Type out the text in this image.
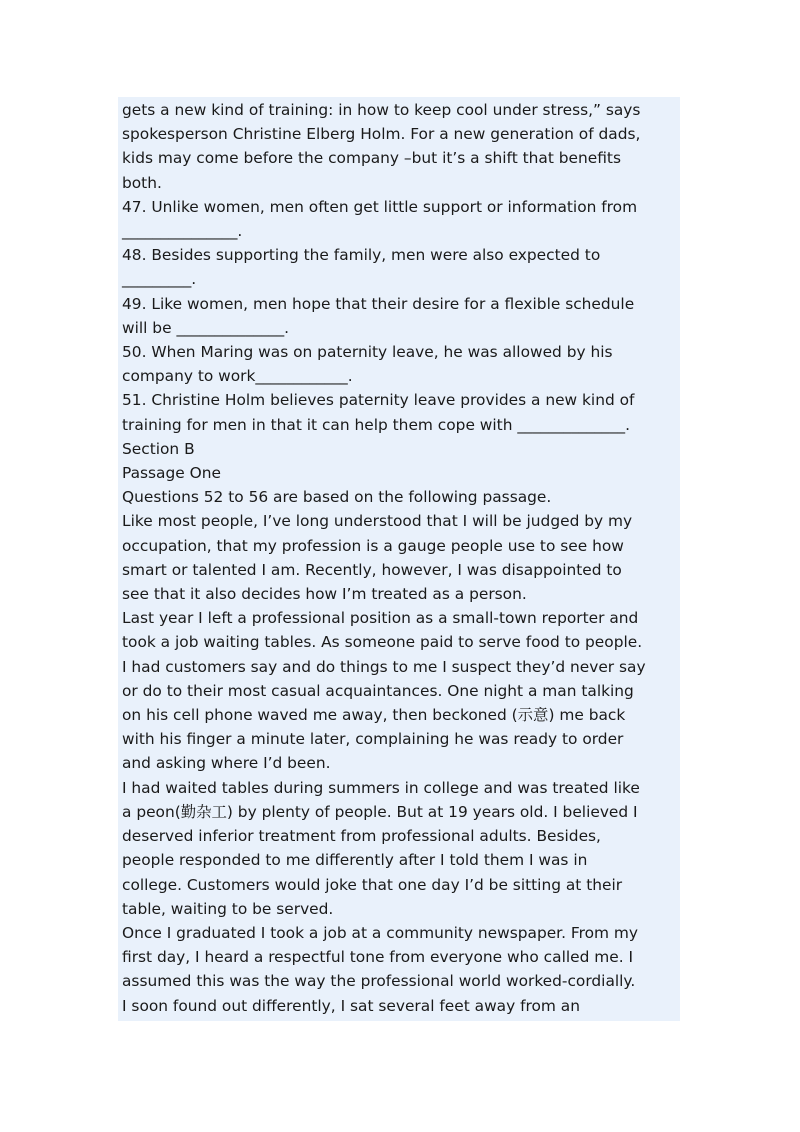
gets a new kind of training: in how to keep cool under stress,” says
spokesperson Christine Elberg Holm. For a new generation of dads,
kids may come before the company –but it’s a shift that benefits
both.
47. Unlike women, men often get little support or information from
_______________.
48. Besides supporting the family, men were also expected to
_________.
49. Like women, men hope that their desire for a flexible schedule
will be ______________.
50. When Maring was on paternity leave, he was allowed by his
company to work____________.
51. Christine Holm believes paternity leave provides a new kind of
training for men in that it can help them cope with ______________.
Section B
Passage One
Questions 52 to 56 are based on the following passage.
Like most people, I’ve long understood that I will be judged by my
occupation, that my profession is a gauge people use to see how
smart or talented I am. Recently, however, I was disappointed to
see that it also decides how I’m treated as a person.
Last year I left a professional position as a small-town reporter and
took a job waiting tables. As someone paid to serve food to people.
I had customers say and do things to me I suspect they’d never say
or do to their most casual acquaintances. One night a man talking
on his cell phone waved me away, then beckoned (示意) me back
with his finger a minute later, complaining he was ready to order
and asking where I’d been.
I had waited tables during summers in college and was treated like
a peon(勤杂工) by plenty of people. But at 19 years old. I believed I
deserved inferior treatment from professional adults. Besides,
people responded to me differently after I told them I was in
college. Customers would joke that one day I’d be sitting at their
table, waiting to be served.
Once I graduated I took a job at a community newspaper. From my
first day, I heard a respectful tone from everyone who called me. I
assumed this was the way the professional world worked-cordially.
I soon found out differently, I sat several feet away from an
